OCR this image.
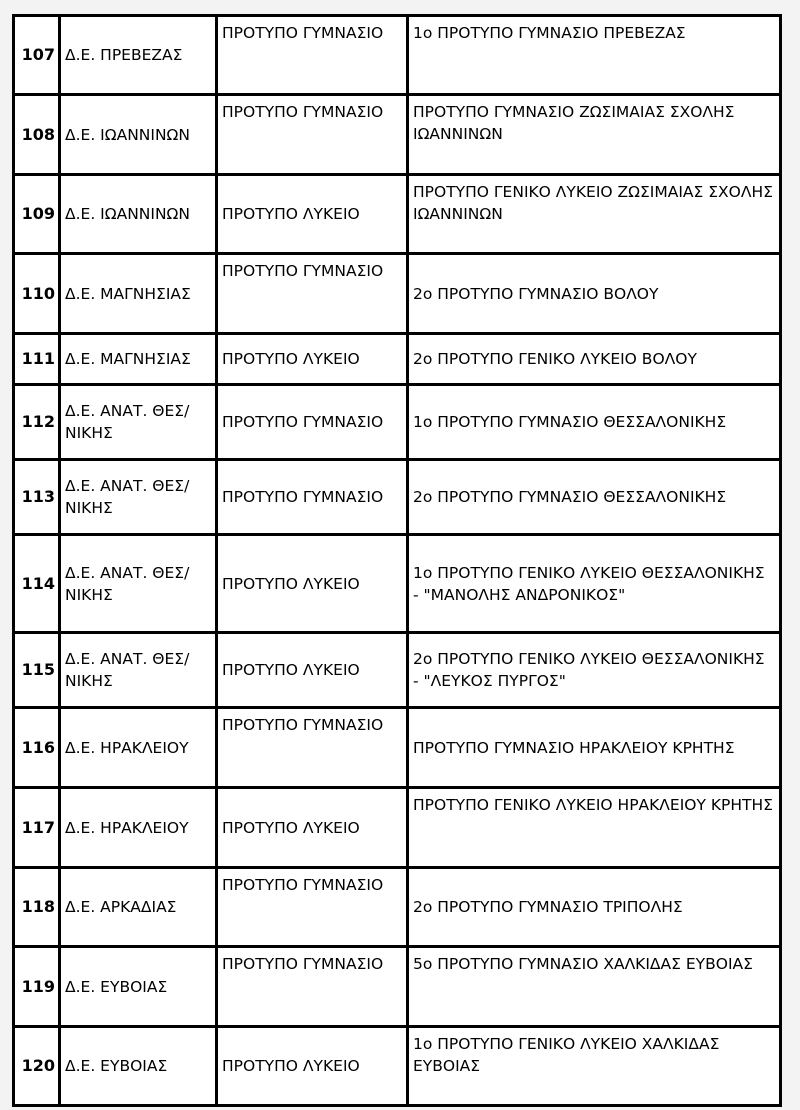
107	Δ.Ε. ΠΡΕΒΕΖΑΣ	ΠΡΟΤΥΠΟ ΓΥΜΝΑΣΙΟ	1ο ΠΡΟΤΥΠΟ ΓΥΜΝΑΣΙΟ ΠΡΕΒΕΖΑΣ
108	Δ.Ε. ΙΩΑΝΝΙΝΩΝ	ΠΡΟΤΥΠΟ ΓΥΜΝΑΣΙΟ	ΠΡΟΤΥΠΟ ΓΥΜΝΑΣΙΟ ΖΩΣΙΜΑΙΑΣ ΣΧΟΛΗΣ ΙΩΑΝΝΙΝΩΝ
109	Δ.Ε. ΙΩΑΝΝΙΝΩΝ	ΠΡΟΤΥΠΟ ΛΥΚΕΙΟ	ΠΡΟΤΥΠΟ ΓΕΝΙΚΟ ΛΥΚΕΙΟ ΖΩΣΙΜΑΙΑΣ ΣΧΟΛΗΣ ΙΩΑΝΝΙΝΩΝ
110	Δ.Ε. ΜΑΓΝΗΣΙΑΣ	ΠΡΟΤΥΠΟ ΓΥΜΝΑΣΙΟ	2ο ΠΡΟΤΥΠΟ ΓΥΜΝΑΣΙΟ ΒΟΛΟΥ
111	Δ.Ε. ΜΑΓΝΗΣΙΑΣ	ΠΡΟΤΥΠΟ ΛΥΚΕΙΟ	2ο ΠΡΟΤΥΠΟ ΓΕΝΙΚΟ ΛΥΚΕΙΟ ΒΟΛΟΥ
112	Δ.Ε. ΑΝΑΤ. ΘΕΣ/ΝΙΚΗΣ	ΠΡΟΤΥΠΟ ΓΥΜΝΑΣΙΟ	1ο ΠΡΟΤΥΠΟ ΓΥΜΝΑΣΙΟ ΘΕΣΣΑΛΟΝΙΚΗΣ
113	Δ.Ε. ΑΝΑΤ. ΘΕΣ/ΝΙΚΗΣ	ΠΡΟΤΥΠΟ ΓΥΜΝΑΣΙΟ	2ο ΠΡΟΤΥΠΟ ΓΥΜΝΑΣΙΟ ΘΕΣΣΑΛΟΝΙΚΗΣ
114	Δ.Ε. ΑΝΑΤ. ΘΕΣ/ΝΙΚΗΣ	ΠΡΟΤΥΠΟ ΛΥΚΕΙΟ	1ο ΠΡΟΤΥΠΟ ΓΕΝΙΚΟ ΛΥΚΕΙΟ ΘΕΣΣΑΛΟΝΙΚΗΣ - "ΜΑΝΟΛΗΣ ΑΝΔΡΟΝΙΚΟΣ"
115	Δ.Ε. ΑΝΑΤ. ΘΕΣ/ΝΙΚΗΣ	ΠΡΟΤΥΠΟ ΛΥΚΕΙΟ	2ο ΠΡΟΤΥΠΟ ΓΕΝΙΚΟ ΛΥΚΕΙΟ ΘΕΣΣΑΛΟΝΙΚΗΣ - "ΛΕΥΚΟΣ ΠΥΡΓΟΣ"
116	Δ.Ε. ΗΡΑΚΛΕΙΟΥ	ΠΡΟΤΥΠΟ ΓΥΜΝΑΣΙΟ	ΠΡΟΤΥΠΟ ΓΥΜΝΑΣΙΟ ΗΡΑΚΛΕΙΟΥ ΚΡΗΤΗΣ
117	Δ.Ε. ΗΡΑΚΛΕΙΟΥ	ΠΡΟΤΥΠΟ ΛΥΚΕΙΟ	ΠΡΟΤΥΠΟ ΓΕΝΙΚΟ ΛΥΚΕΙΟ ΗΡΑΚΛΕΙΟΥ ΚΡΗΤΗΣ
118	Δ.Ε. ΑΡΚΑΔΙΑΣ	ΠΡΟΤΥΠΟ ΓΥΜΝΑΣΙΟ	2ο ΠΡΟΤΥΠΟ ΓΥΜΝΑΣΙΟ ΤΡΙΠΟΛΗΣ
119	Δ.Ε. ΕΥΒΟΙΑΣ	ΠΡΟΤΥΠΟ ΓΥΜΝΑΣΙΟ	5ο ΠΡΟΤΥΠΟ ΓΥΜΝΑΣΙΟ ΧΑΛΚΙΔΑΣ ΕΥΒΟΙΑΣ
120	Δ.Ε. ΕΥΒΟΙΑΣ	ΠΡΟΤΥΠΟ ΛΥΚΕΙΟ	1ο ΠΡΟΤΥΠΟ ΓΕΝΙΚΟ ΛΥΚΕΙΟ ΧΑΛΚΙΔΑΣ ΕΥΒΟΙΑΣ
